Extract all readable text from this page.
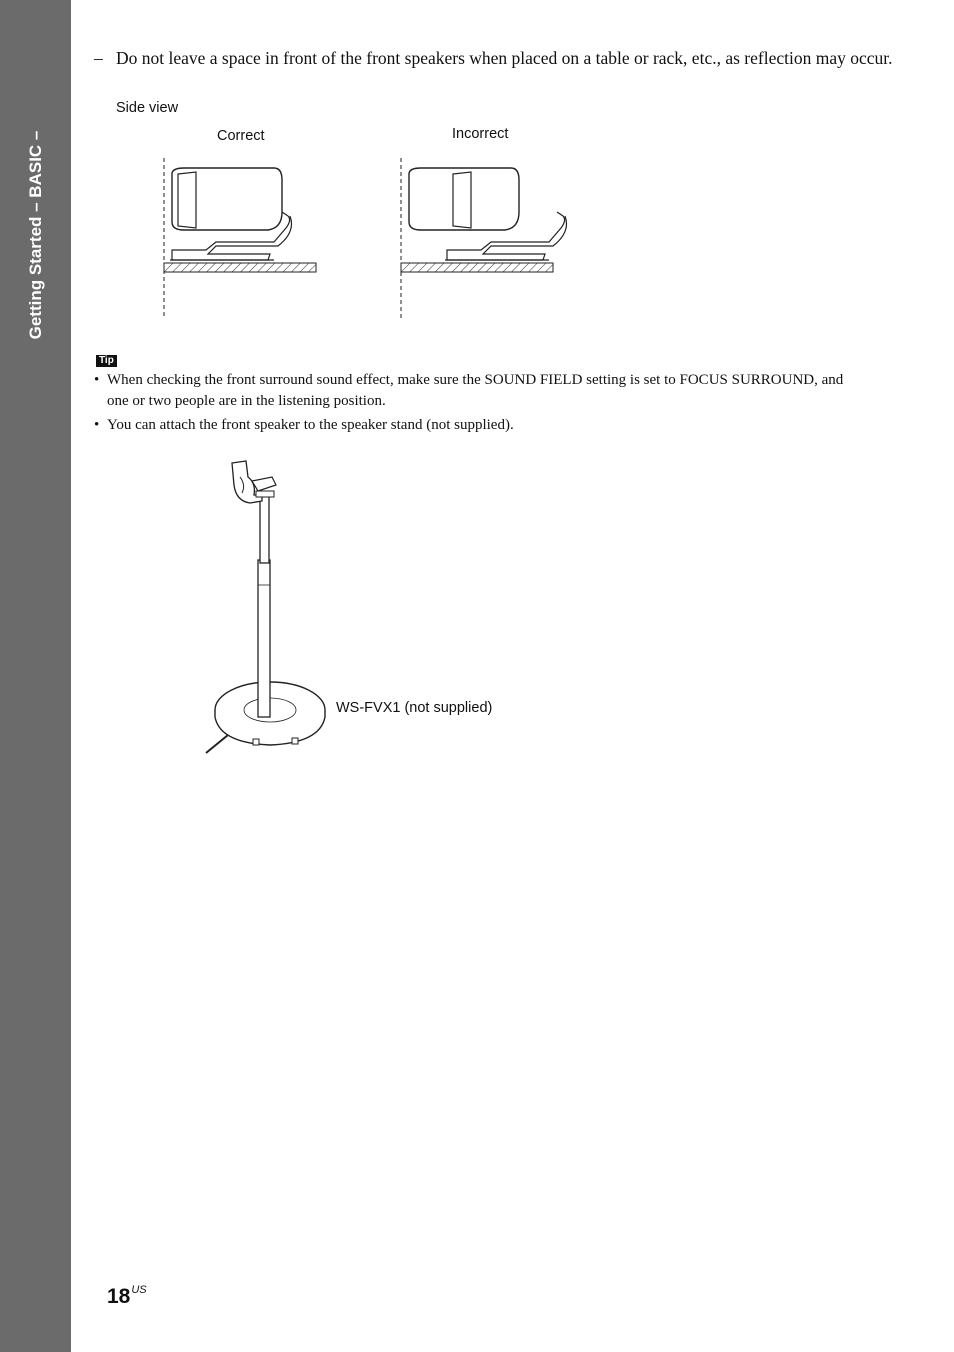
Getting Started – BASIC –
– Do not leave a space in front of the front speakers when placed on a table or rack, etc., as reflection may occur.
Side view
Correct	Incorrect
Tip
• When checking the front surround sound effect, make sure the SOUND FIELD setting is set to FOCUS SURROUND, and one or two people are in the listening position.
• You can attach the front speaker to the speaker stand (not supplied).
WS-FVX1 (not supplied)
$18^{US}$
